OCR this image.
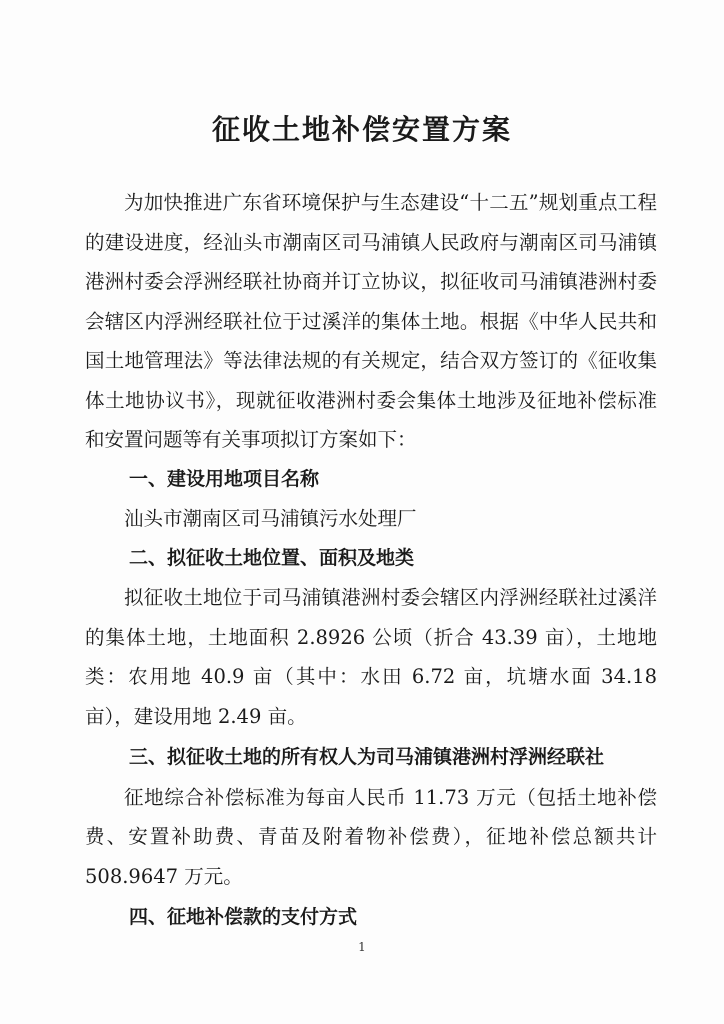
征收土地补偿安置方案

为加快推进广东省环境保护与生态建设“十二五”规划重点工程的建设进度，经汕头市潮南区司马浦镇人民政府与潮南区司马浦镇港洲村委会浮洲经联社协商并订立协议，拟征收司马浦镇港洲村委会辖区内浮洲经联社位于过溪洋的集体土地。根据《中华人民共和国土地管理法》等法律法规的有关规定，结合双方签订的《征收集体土地协议书》，现就征收港洲村委会集体土地涉及征地补偿标准和安置问题等有关事项拟订方案如下：

一、建设用地项目名称

汕头市潮南区司马浦镇污水处理厂

二、拟征收土地位置、面积及地类

拟征收土地位于司马浦镇港洲村委会辖区内浮洲经联社过溪洋的集体土地，土地面积 2.8926 公顷（折合 43.39 亩），土地地类：农用地 40.9 亩（其中：水田 6.72 亩，坑塘水面 34.18 亩），建设用地 2.49 亩。

三、拟征收土地的所有权人为司马浦镇港洲村浮洲经联社

征地综合补偿标准为每亩人民币 11.73 万元（包括土地补偿费、安置补助费、青苗及附着物补偿费），征地补偿总额共计 508.9647 万元。

四、征地补偿款的支付方式

1
